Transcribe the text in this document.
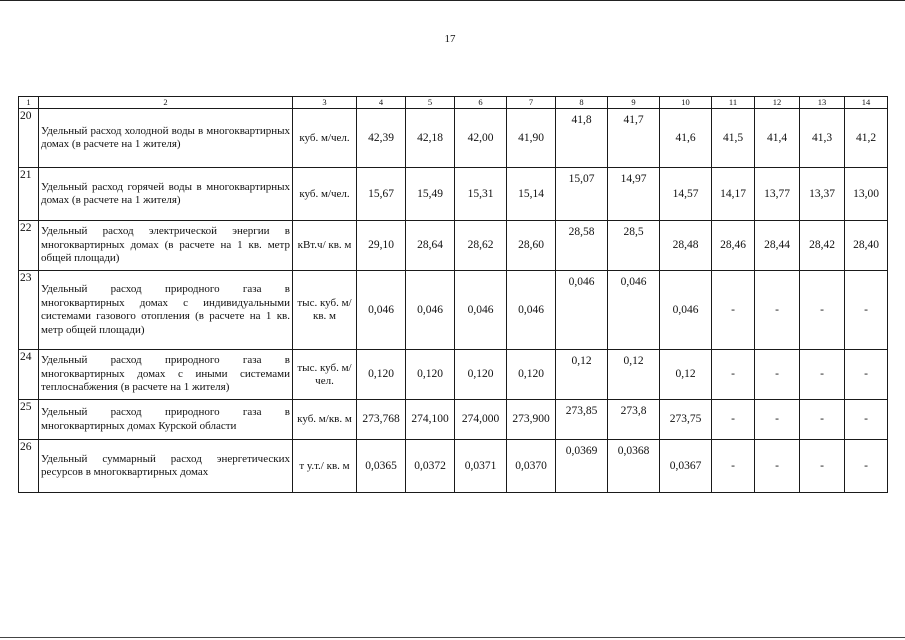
17
1	2	3	4	5	6	7	8	9	10	11	12	13	14
20	Удельный расход холодной воды в многоквартирных домах (в расчете на 1 жителя)	куб. м/чел.	42,39	42,18	42,00	41,90	41,8	41,7	41,6	41,5	41,4	41,3	41,2
21	Удельный расход горячей воды в многоквартирных домах (в расчете на 1 жителя)	куб. м/чел.	15,67	15,49	15,31	15,14	15,07	14,97	14,57	14,17	13,77	13,37	13,00
22	Удельный расход электрической энергии в многоквартирных домах (в расчете на 1 кв. метр общей площади)	кВт.ч/ кв. м	29,10	28,64	28,62	28,60	28,58	28,5	28,48	28,46	28,44	28,42	28,40
23	Удельный расход природного газа в многоквартирных домах с индивидуальными системами газового отопления (в расчете на 1 кв. метр общей площади)	тыс. куб. м/кв. м	0,046	0,046	0,046	0,046	0,046	0,046	0,046	-	-	-	-
24	Удельный расход природного газа в многоквартирных домах с иными системами теплоснабжения (в расчете на 1 жителя)	тыс. куб. м/чел.	0,120	0,120	0,120	0,120	0,12	0,12	0,12	-	-	-	-
25	Удельный расход природного газа в многоквартирных домах Курской области	куб. м/кв. м	273,768	274,100	274,000	273,900	273,85	273,8	273,75	-	-	-	-
26	Удельный суммарный расход энергетических ресурсов в многоквартирных домах	т у.т./ кв. м	0,0365	0,0372	0,0371	0,0370	0,0369	0,0368	0,0367	-	-	-	-
